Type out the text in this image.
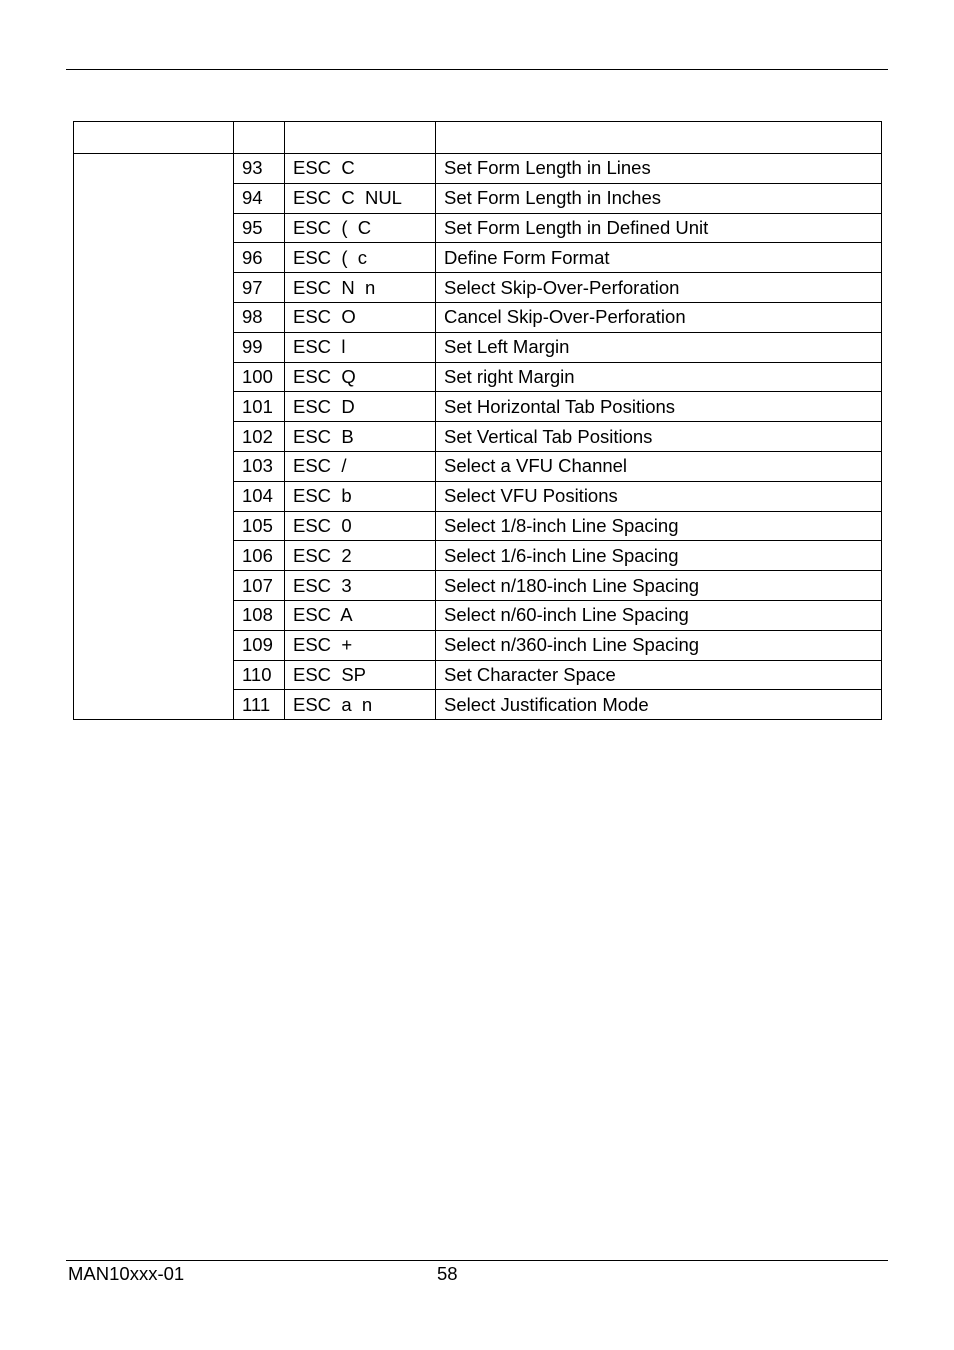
	93	ESC  C	Set Form Length in Lines
	94	ESC  C  NUL	Set Form Length in Inches
	95	ESC  (  C	Set Form Length in Defined Unit
	96	ESC  (  c	Define Form Format
	97	ESC  N  n	Select Skip-Over-Perforation
	98	ESC  O	Cancel Skip-Over-Perforation
	99	ESC  l	Set Left Margin
	100	ESC  Q	Set right Margin
	101	ESC  D	Set Horizontal Tab Positions
	102	ESC  B	Set Vertical Tab Positions
	103	ESC  /	Select a VFU Channel
	104	ESC  b	Select VFU Positions
	105	ESC  0	Select 1/8-inch Line Spacing
	106	ESC  2	Select 1/6-inch Line Spacing
	107	ESC  3	Select n/180-inch Line Spacing
	108	ESC  A	Select n/60-inch Line Spacing
	109	ESC  +	Select n/360-inch Line Spacing
	110	ESC  SP	Set Character Space
	111	ESC  a  n	Select Justification Mode
MAN10xxx-01	58
